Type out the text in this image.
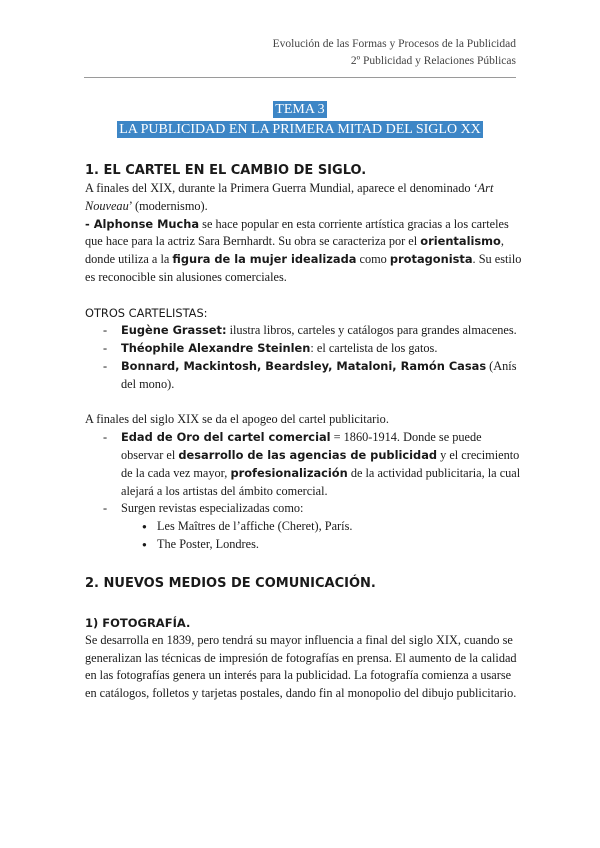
Evolución de las Formas y Procesos de la Publicidad
2º Publicidad y Relaciones Públicas
TEMA 3
LA PUBLICIDAD EN LA PRIMERA MITAD DEL SIGLO XX

1. EL CARTEL EN EL CAMBIO DE SIGLO.

A finales del XIX, durante la Primera Guerra Mundial, aparece el denominado ‘Art Nouveau’ (modernismo).

- Alphonse Mucha se hace popular en esta corriente artística gracias a los carteles que hace para la actriz Sara Bernhardt. Su obra se caracteriza por el orientalismo, donde utiliza a la figura de la mujer idealizada como protagonista. Su estilo es reconocible sin alusiones comerciales.

OTROS CARTELISTAS:

- Eugène Grasset: ilustra libros, carteles y catálogos para grandes almacenes.
- Théophile Alexandre Steinlen: el cartelista de los gatos.
- Bonnard, Mackintosh, Beardsley, Mataloni, Ramón Casas (Anís del mono).

A finales del siglo XIX se da el apogeo del cartel publicitario.

- Edad de Oro del cartel comercial = 1860-1914. Donde se puede observar el desarrollo de las agencias de publicidad y el crecimiento de la cada vez mayor, profesionalización de la actividad publicitaria, la cual alejará a los artistas del ámbito comercial.
- Surgen revistas especializadas como:
● Les Maîtres de l’affiche (Cheret), París.
● The Poster, Londres.

2. NUEVOS MEDIOS DE COMUNICACIÓN.

1) FOTOGRAFÍA.

Se desarrolla en 1839, pero tendrá su mayor influencia a final del siglo XIX, cuando se generalizan las técnicas de impresión de fotografías en prensa. El aumento de la calidad en las fotografías genera un interés para la publicidad. La fotografía comienza a usarse en catálogos, folletos y tarjetas postales, dando fin al monopolio del dibujo publicitario.
